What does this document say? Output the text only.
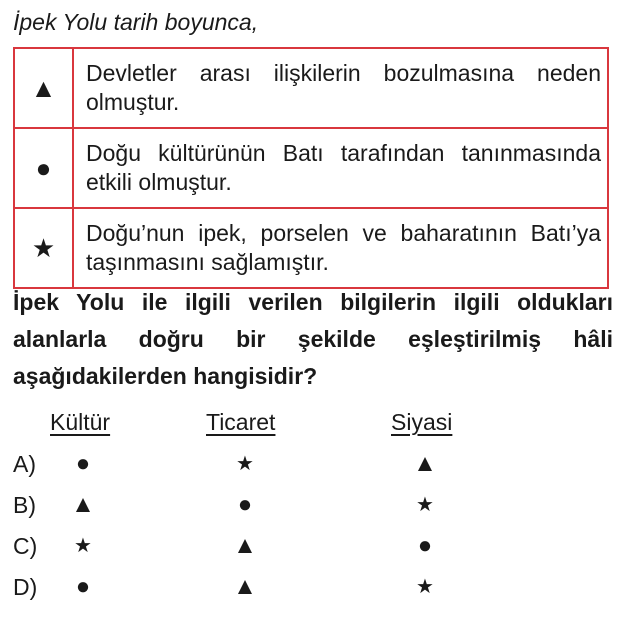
İpek Yolu tarih boyunca,
▲	Devletler arası ilişkilerin bozulmasına neden olmuştur.
●	Doğu kültürünün Batı tarafından tanınmasında etkili olmuştur.
★	Doğu’nun ipek, porselen ve baharatının Batı’ya taşınmasını sağlamıştır.
İpek Yolu ile ilgili verilen bilgilerin ilgili oldukları alanlarla doğru bir şekilde eşleştirilmiş hâli aşağıdakilerden hangisidir?
Kültür	Ticaret	Siyasi
A)	●	★	▲
B)	▲	●	★
C)	★	▲	●
D)	●	▲	★
